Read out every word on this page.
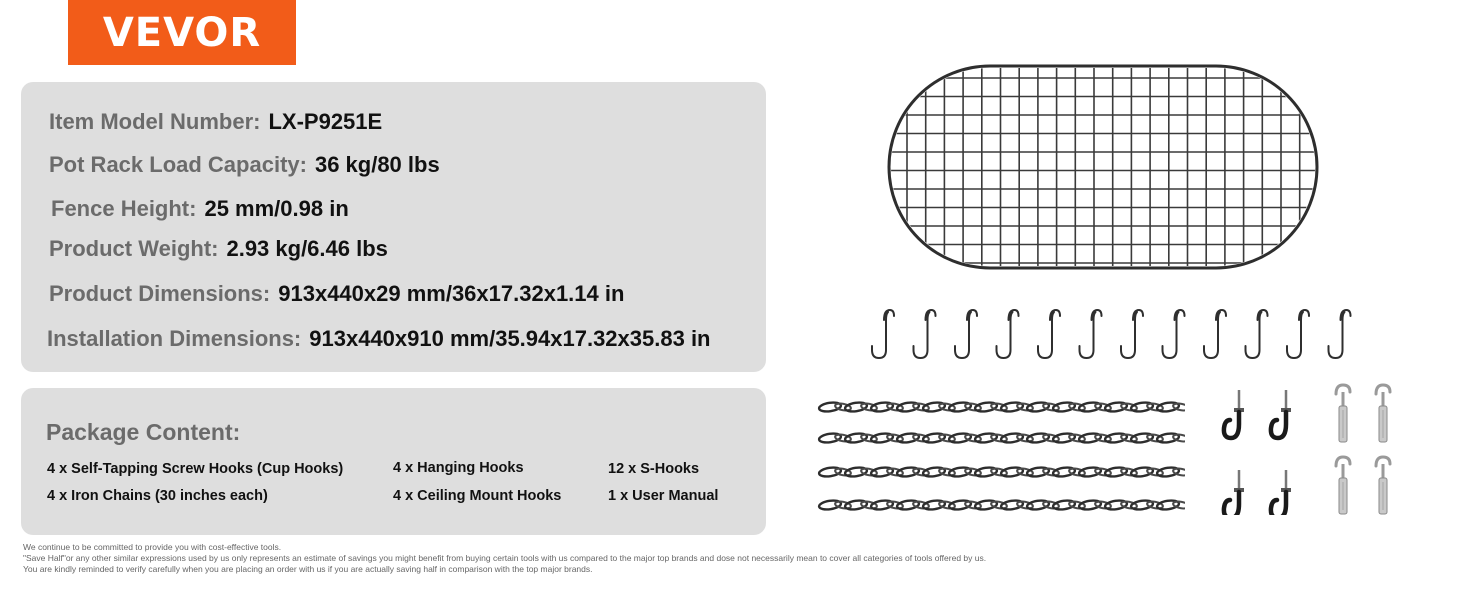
VEVOR
®
Item Model Number: LX-P9251E
Pot Rack Load Capacity: 36 kg/80 lbs
Fence Height: 25 mm/0.98 in
Product Weight: 2.93 kg/6.46 lbs
Product Dimensions: 913x440x29 mm/36x17.32x1.14 in
Installation Dimensions: 913x440x910 mm/35.94x17.32x35.83 in
Package Content:
4 x Self-Tapping Screw Hooks (Cup Hooks)
4 x Iron Chains (30 inches each)
4 x Hanging Hooks
4 x Ceiling Mount Hooks
12 x S-Hooks
1 x User Manual
We continue to be committed to provide you with cost-effective tools.
"Save Half"or any other similar expressions used by us only represents an estimate of savings you might benefit from buying certain tools with us compared to the major top brands and dose not necessarily mean to cover all categories of tools offered by us.
You are kindly reminded to verify carefully when you are placing an order with us if you are actually saving half in comparison with the top major brands.
